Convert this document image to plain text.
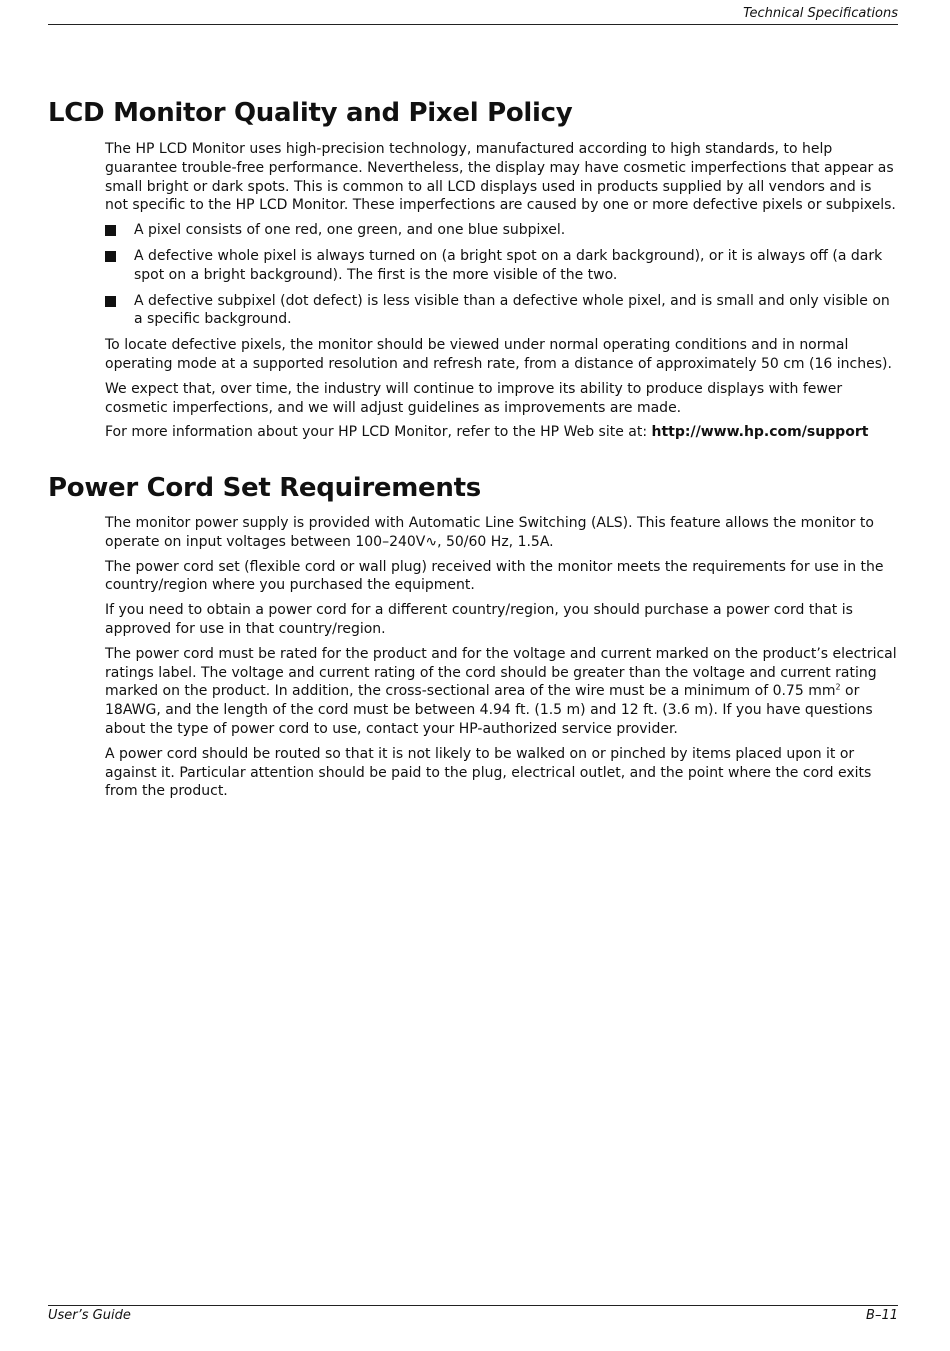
Technical Specifications
LCD Monitor Quality and Pixel Policy

The HP LCD Monitor uses high-precision technology, manufactured according to high standards, to help guarantee trouble-free performance. Nevertheless, the display may have cosmetic imperfections that appear as small bright or dark spots. This is common to all LCD displays used in products supplied by all vendors and is not specific to the HP LCD Monitor. These imperfections are caused by one or more defective pixels or subpixels.

A pixel consists of one red, one green, and one blue subpixel.
A defective whole pixel is always turned on (a bright spot on a dark background), or it is always off (a dark spot on a bright background). The first is the more visible of the two.
A defective subpixel (dot defect) is less visible than a defective whole pixel, and is small and only visible on a specific background.

To locate defective pixels, the monitor should be viewed under normal operating conditions and in normal operating mode at a supported resolution and refresh rate, from a distance of approximately 50 cm (16 inches).

We expect that, over time, the industry will continue to improve its ability to produce displays with fewer cosmetic imperfections, and we will adjust guidelines as improvements are made.

For more information about your HP LCD Monitor, refer to the HP Web site at: http://www.hp.com/support

Power Cord Set Requirements

The monitor power supply is provided with Automatic Line Switching (ALS). This feature allows the monitor to operate on input voltages between 100–240V∿, 50/60 Hz, 1.5A.

The power cord set (flexible cord or wall plug) received with the monitor meets the requirements for use in the country/region where you purchased the equipment.

If you need to obtain a power cord for a different country/region, you should purchase a power cord that is approved for use in that country/region.

The power cord must be rated for the product and for the voltage and current marked on the product’s electrical ratings label. The voltage and current rating of the cord should be greater than the voltage and current rating marked on the product. In addition, the cross-sectional area of the wire must be a minimum of 0.75 $mm^2$ or 18AWG, and the length of the cord must be between 4.94 ft. (1.5 m) and 12 ft. (3.6 m). If you have questions about the type of power cord to use, contact your HP-authorized service provider.

A power cord should be routed so that it is not likely to be walked on or pinched by items placed upon it or against it. Particular attention should be paid to the plug, electrical outlet, and the point where the cord exits from the product.

User’s Guide	B–11
